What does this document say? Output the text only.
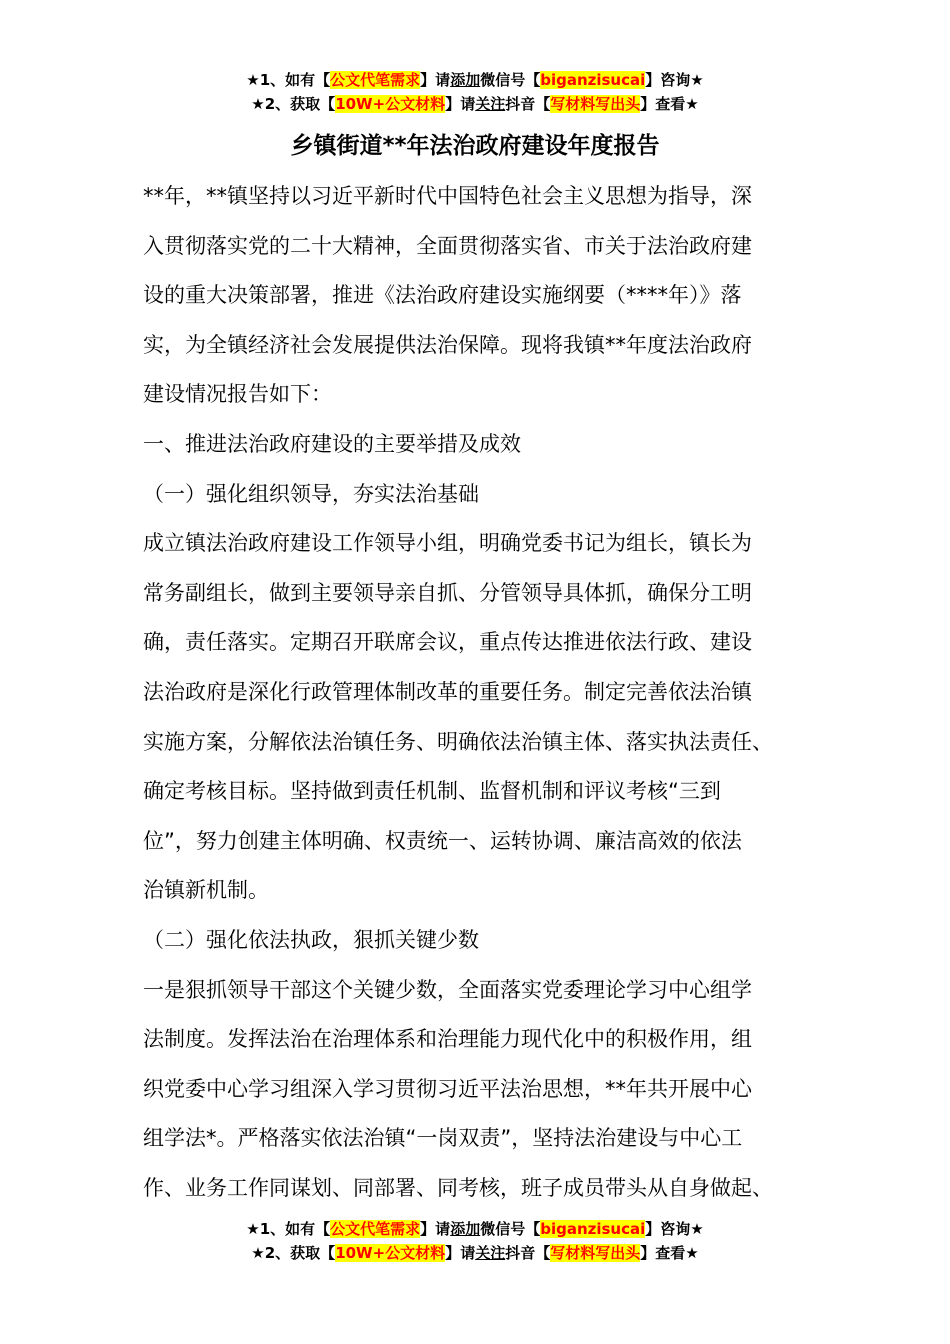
★1、如有【公文代笔需求】请添加微信号【biganzisucai】咨询★
★2、获取【10W+公文材料】请关注抖音【写材料写出头】查看★
乡镇街道**年法治政府建设年度报告
**年，**镇坚持以习近平新时代中国特色社会主义思想为指导，深
入贯彻落实党的二十大精神，全面贯彻落实省、市关于法治政府建
设的重大决策部署，推进《法治政府建设实施纲要（****年）》落
实，为全镇经济社会发展提供法治保障。现将我镇**年度法治政府
建设情况报告如下：
一、推进法治政府建设的主要举措及成效
（一）强化组织领导，夯实法治基础
成立镇法治政府建设工作领导小组，明确党委书记为组长，镇长为
常务副组长，做到主要领导亲自抓、分管领导具体抓，确保分工明
确，责任落实。定期召开联席会议，重点传达推进依法行政、建设
法治政府是深化行政管理体制改革的重要任务。制定完善依法治镇
实施方案，分解依法治镇任务、明确依法治镇主体、落实执法责任、
确定考核目标。坚持做到责任机制、监督机制和评议考核“三到
位”，努力创建主体明确、权责统一、运转协调、廉洁高效的依法
治镇新机制。
（二）强化依法执政，狠抓关键少数
一是狠抓领导干部这个关键少数，全面落实党委理论学习中心组学
法制度。发挥法治在治理体系和治理能力现代化中的积极作用，组
织党委中心学习组深入学习贯彻习近平法治思想，**年共开展中心
组学法*。严格落实依法治镇“一岗双责”，坚持法治建设与中心工
作、业务工作同谋划、同部署、同考核，班子成员带头从自身做起、
★1、如有【公文代笔需求】请添加微信号【biganzisucai】咨询★
★2、获取【10W+公文材料】请关注抖音【写材料写出头】查看★
